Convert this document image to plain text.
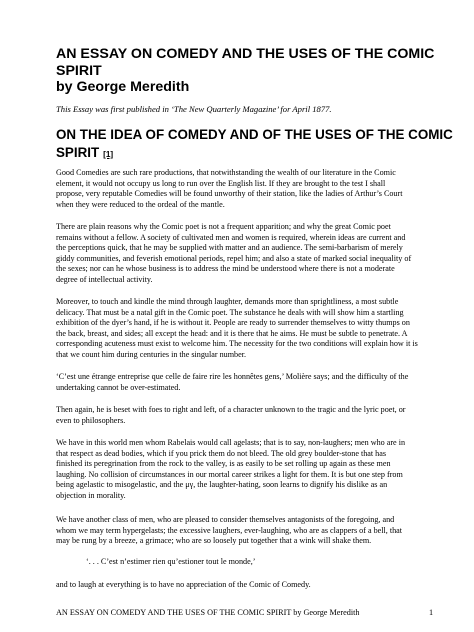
AN ESSAY ON COMEDY AND THE USES OF THE COMIC
SPIRIT
by George Meredith

This Essay was first published in ‘The New Quarterly Magazine’ for April 1877.

ON THE IDEA OF COMEDY AND OF THE USES OF THE COMIC
SPIRIT [1]
Good Comedies are such rare productions, that notwithstanding the wealth of our literature in the Comic
element, it would not occupy us long to run over the English list. If they are brought to the test I shall
propose, very reputable Comedies will be found unworthy of their station, like the ladies of Arthur’s Court
when they were reduced to the ordeal of the mantle.
There are plain reasons why the Comic poet is not a frequent apparition; and why the great Comic poet
remains without a fellow. A society of cultivated men and women is required, wherein ideas are current and
the perceptions quick, that he may be supplied with matter and an audience. The semi-barbarism of merely
giddy communities, and feverish emotional periods, repel him; and also a state of marked social inequality of
the sexes; nor can he whose business is to address the mind be understood where there is not a moderate
degree of intellectual activity.
Moreover, to touch and kindle the mind through laughter, demands more than sprightliness, a most subtle
delicacy. That must be a natal gift in the Comic poet. The substance he deals with will show him a startling
exhibition of the dyer’s hand, if he is without it. People are ready to surrender themselves to witty thumps on
the back, breast, and sides; all except the head: and it is there that he aims. He must be subtle to penetrate. A
corresponding acuteness must exist to welcome him. The necessity for the two conditions will explain how it is
that we count him during centuries in the singular number.
‘C’est une étrange entreprise que celle de faire rire les honnêtes gens,’ Molière says; and the difficulty of the
undertaking cannot be over-estimated.
Then again, he is beset with foes to right and left, of a character unknown to the tragic and the lyric poet, or
even to philosophers.
We have in this world men whom Rabelais would call agelasts; that is to say, non-laughers; men who are in
that respect as dead bodies, which if you prick them do not bleed. The old grey boulder-stone that has
finished its peregrination from the rock to the valley, is as easily to be set rolling up again as these men
laughing. No collision of circumstances in our mortal career strikes a light for them. It is but one step from
being agelastic to misogelastic, and the μγ, the laughter-hating, soon learns to dignify his dislike as an
objection in morality.
We have another class of men, who are pleased to consider themselves antagonists of the foregoing, and
whom we may term hypergelasts; the excessive laughers, ever-laughing, who are as clappers of a bell, that
may be rung by a breeze, a grimace; who are so loosely put together that a wink will shake them.
‘. . . C’est n’estimer rien qu’estioner tout le monde,’
and to laugh at everything is to have no appreciation of the Comic of Comedy.
AN ESSAY ON COMEDY AND THE USES OF THE COMIC SPIRIT by George Meredith	1
